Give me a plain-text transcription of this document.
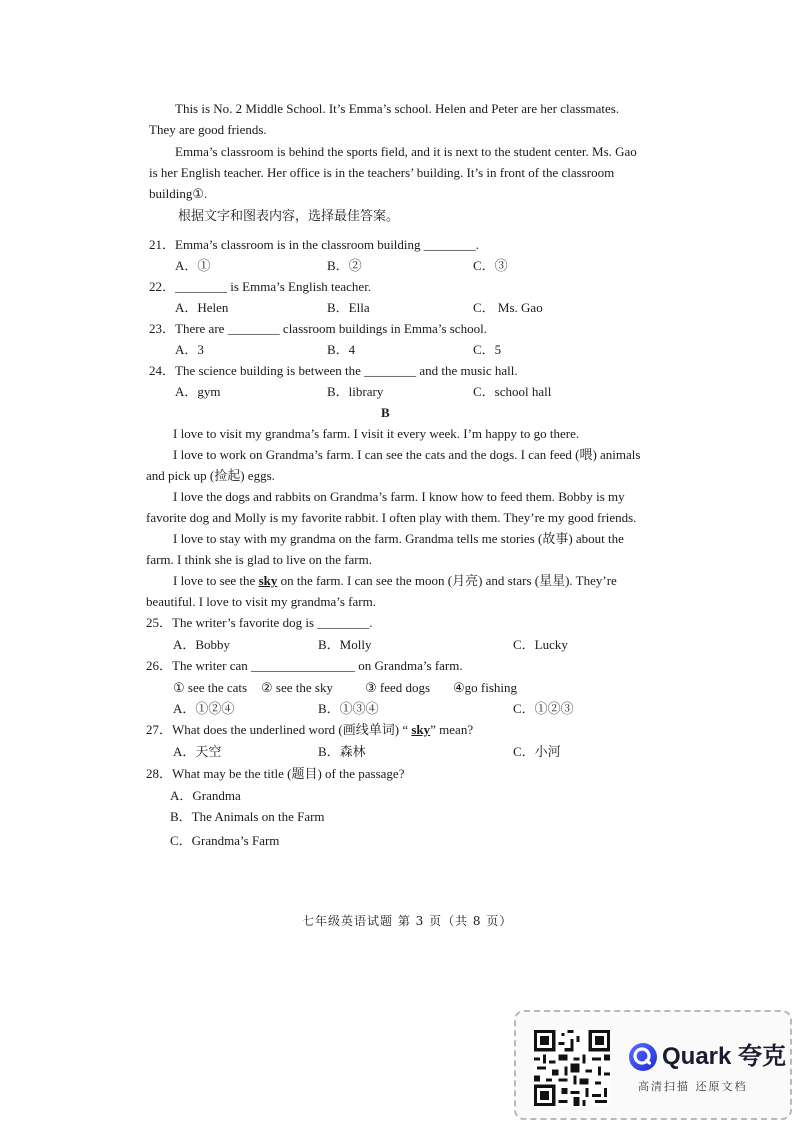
This is No. 2 Middle School. It’s Emma’s school. Helen and Peter are her classmates.
They are good friends.
Emma’s classroom is behind the sports field, and it is next to the student center. Ms. Gao
is her English teacher. Her office is in the teachers’ building. It’s in front of the classroom
building①.
根据文字和图表内容，选择最佳答案。
21．Emma’s classroom is in the classroom building ________.
A．①	B．②	C．③
22．________ is Emma’s English teacher.
A．Helen	B．Ella	C． Ms. Gao
23．There are ________ classroom buildings in Emma’s school.
A．3	B．4	C．5
24．The science building is between the ________ and the music hall.
A．gym	B．library	C．school hall
B
I love to visit my grandma’s farm. I visit it every week. I’m happy to go there.
I love to work on Grandma’s farm. I can see the cats and the dogs. I can feed (喂) animals
and pick up (捡起) eggs.
I love the dogs and rabbits on Grandma’s farm. I know how to feed them. Bobby is my
favorite dog and Molly is my favorite rabbit. I often play with them. They’re my good friends.
I love to stay with my grandma on the farm. Grandma tells me stories (故事) about the
farm. I think she is glad to live on the farm.
I love to see the sky on the farm. I can see the moon (月亮) and stars (星星). They’re
beautiful. I love to visit my grandma’s farm.
25．The writer’s favorite dog is ________.
A．Bobby	B．Molly	C．Lucky
26．The writer can ________________ on Grandma’s farm.
① see the cats ② see the sky ③ feed dogs ④go fishing
A．①②④	B．①③④	C．①②③
27．What does the underlined word (画线单词) “ sky” mean?
A．天空	B．森林	C．小河
28．What may be the title (题目) of the passage?
A．Grandma
B．The Animals on the Farm
C．Grandma’s Farm
七年级英语试题 第 3 页（共 8 页）
Quark 夸克
高清扫描 还原文档
